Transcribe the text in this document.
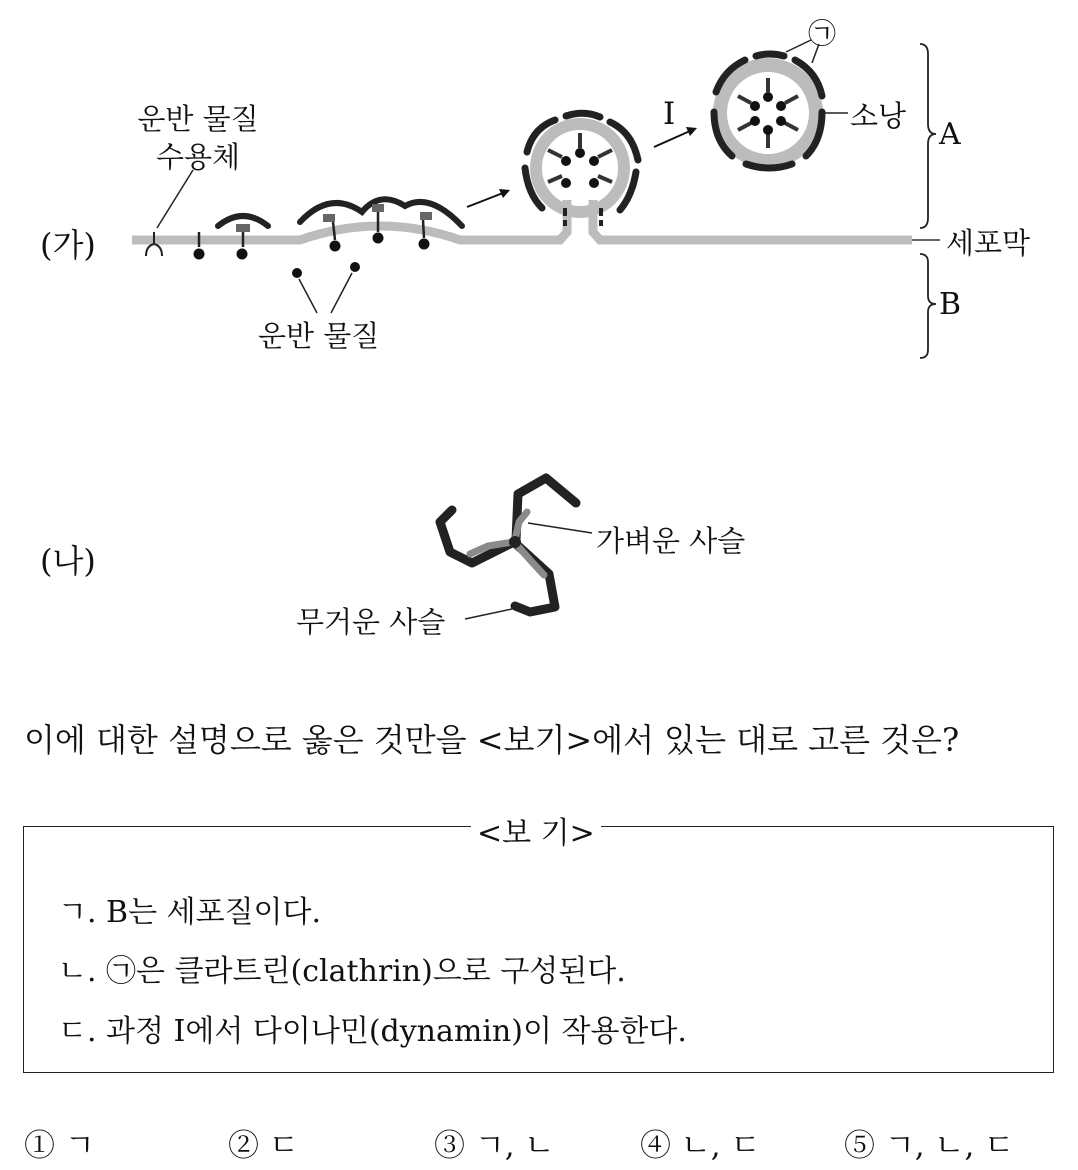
운반 물질
수용체
(가)
운반 물질
I
㉠
소낭
A
B
세포막
(나)
가벼운 사슬
무거운 사슬
이에 대한 설명으로 옳은 것만을 <보기>에서 있는 대로 고른 것은?
<보 기>
ㄱ. B는 세포질이다.
ㄴ. ㉠은 클라트린(clathrin)으로 구성된다.
ㄷ. 과정 Ⅰ에서 다이나민(dynamin)이 작용한다.
① ㄱ	② ㄷ	③ ㄱ, ㄴ	④ ㄴ, ㄷ	⑤ ㄱ, ㄴ, ㄷ
